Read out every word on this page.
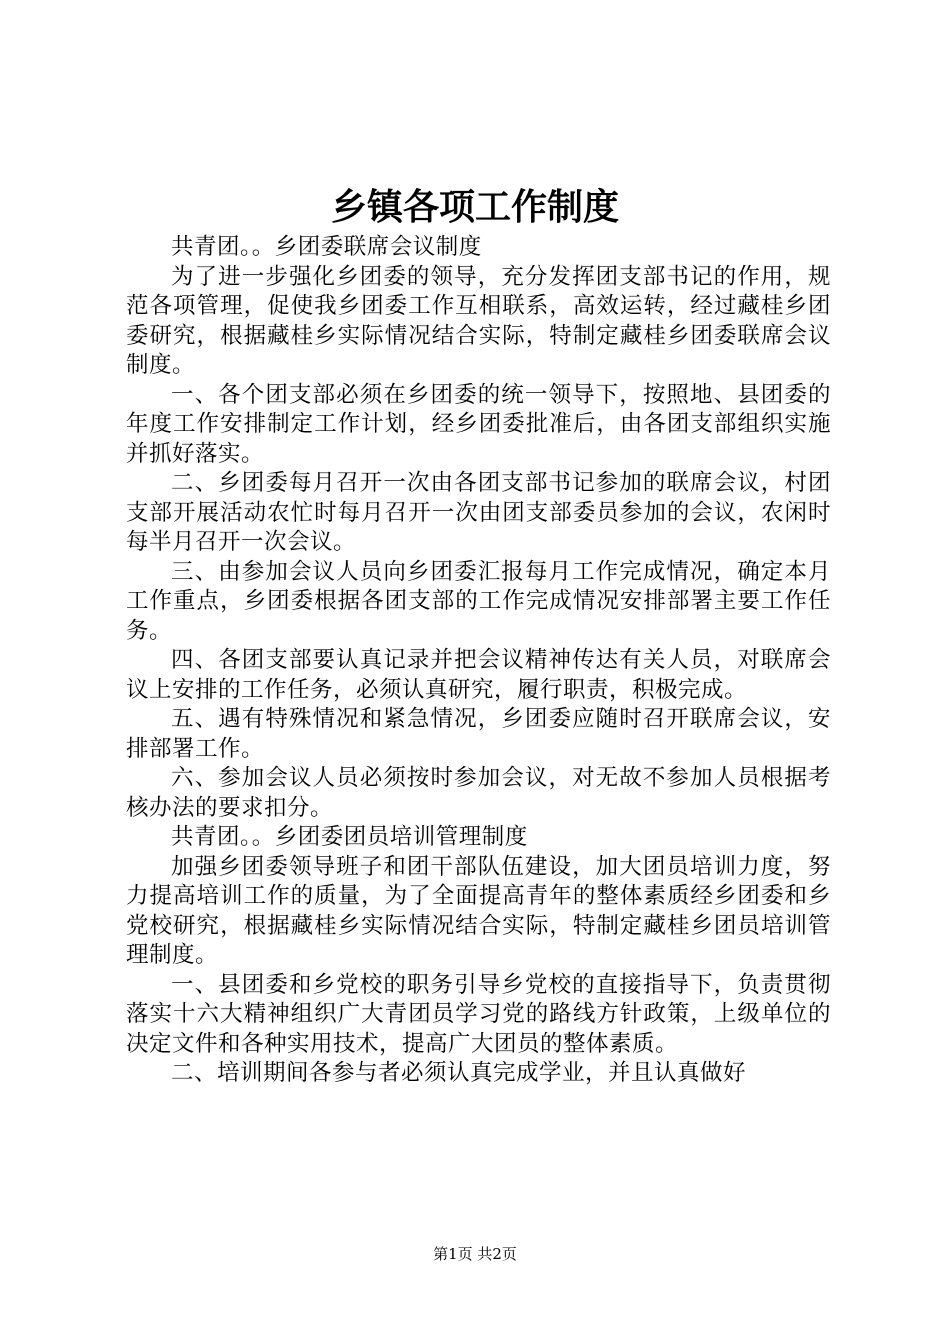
乡镇各项工作制度

共青团。。乡团委联席会议制度

为了进一步强化乡团委的领导，充分发挥团支部书记的作用，规范各项管理，促使我乡团委工作互相联系，高效运转，经过藏桂乡团委研究，根据藏桂乡实际情况结合实际，特制定藏桂乡团委联席会议制度。

一、各个团支部必须在乡团委的统一领导下，按照地、县团委的年度工作安排制定工作计划，经乡团委批准后，由各团支部组织实施并抓好落实。

二、乡团委每月召开一次由各团支部书记参加的联席会议，村团支部开展活动农忙时每月召开一次由团支部委员参加的会议，农闲时每半月召开一次会议。

三、由参加会议人员向乡团委汇报每月工作完成情况，确定本月工作重点，乡团委根据各团支部的工作完成情况安排部署主要工作任务。

四、各团支部要认真记录并把会议精神传达有关人员，对联席会议上安排的工作任务，必须认真研究，履行职责，积极完成。

五、遇有特殊情况和紧急情况，乡团委应随时召开联席会议，安排部署工作。

六、参加会议人员必须按时参加会议，对无故不参加人员根据考核办法的要求扣分。

共青团。。乡团委团员培训管理制度

加强乡团委领导班子和团干部队伍建设，加大团员培训力度，努力提高培训工作的质量，为了全面提高青年的整体素质经乡团委和乡党校研究，根据藏桂乡实际情况结合实际，特制定藏桂乡团员培训管理制度。

一、县团委和乡党校的职务引导乡党校的直接指导下，负责贯彻落实十六大精神组织广大青团员学习党的路线方针政策，上级单位的决定文件和各种实用技术，提高广大团员的整体素质。

二、培训期间各参与者必须认真完成学业，并且认真做好

第1页 共2页
